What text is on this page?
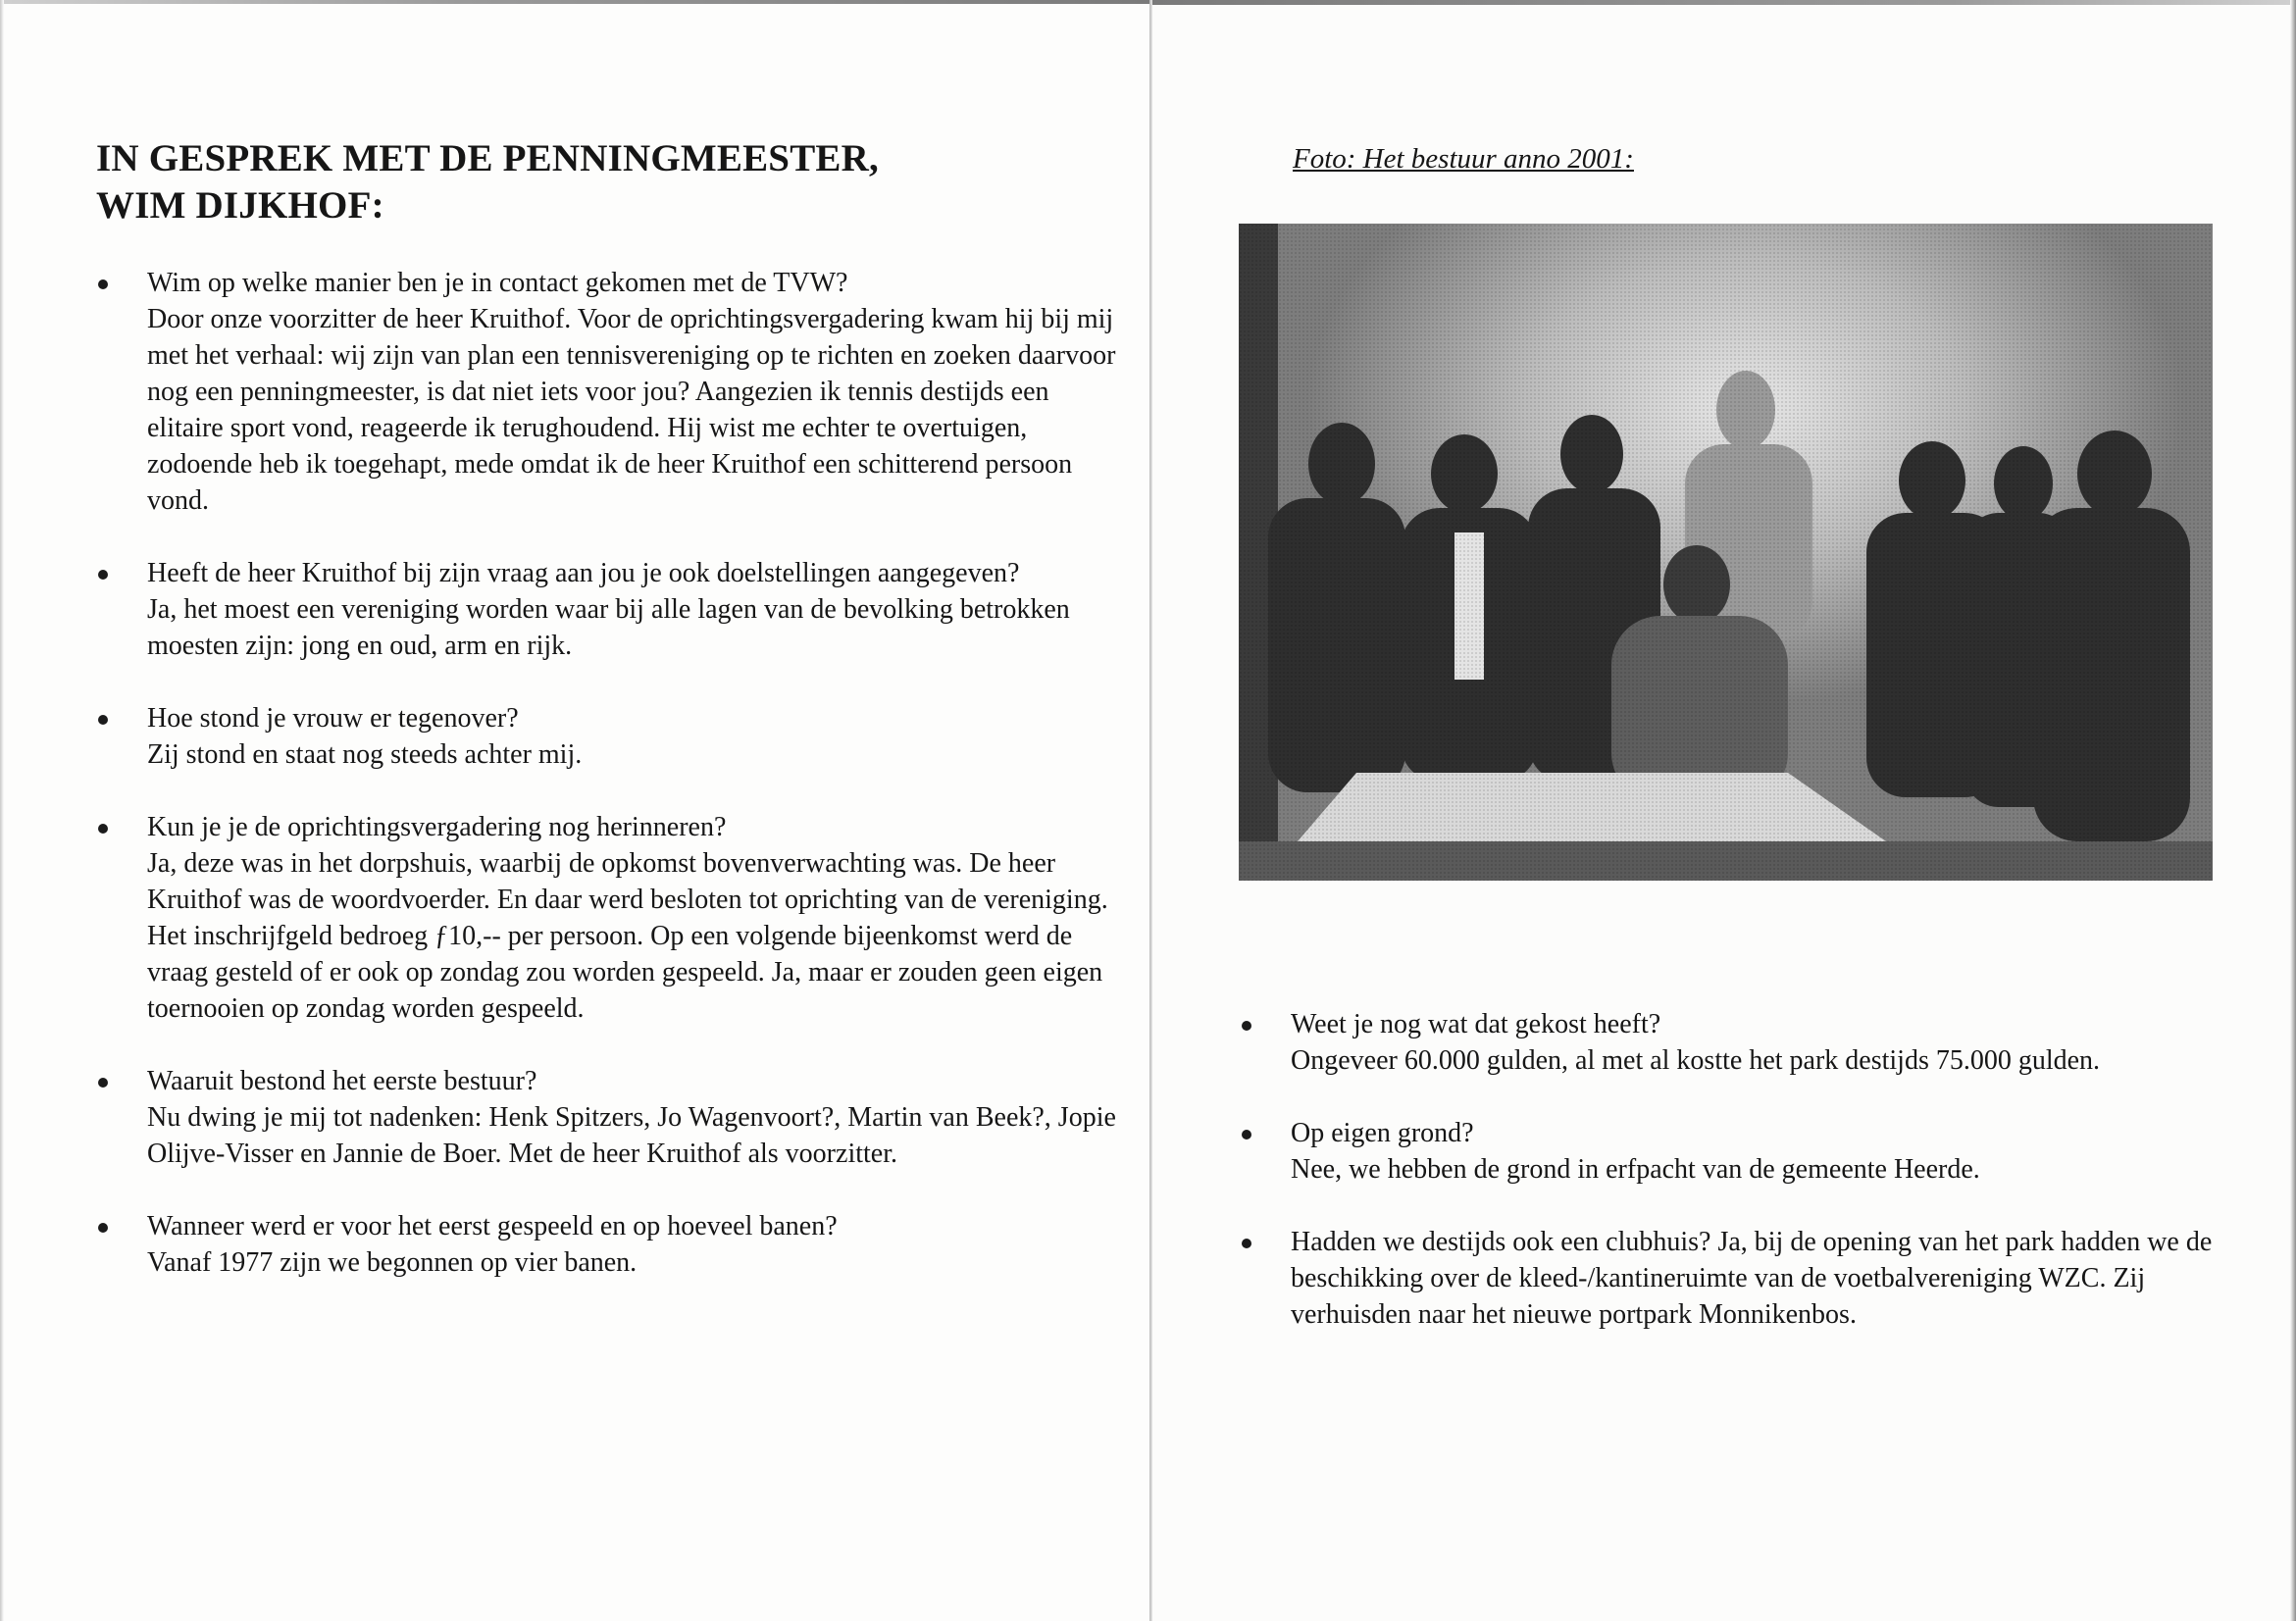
IN GESPREK MET DE PENNINGMEESTER,
WIM DIJKHOF:

Wim op welke manier ben je in contact gekomen met de TVW?

Door onze voorzitter de heer Kruithof. Voor de oprichtingsvergadering kwam hij bij mij met het verhaal: wij zijn van plan een tennisvereniging op te richten en zoeken daarvoor nog een penningmeester, is dat niet iets voor jou? Aangezien ik tennis destijds een elitaire sport vond, reageerde ik terughoudend. Hij wist me echter te overtuigen, zodoende heb ik toegehapt, mede omdat ik de heer Kruithof een schitterend persoon vond.

Heeft de heer Kruithof bij zijn vraag aan jou je ook doelstellingen aangegeven?

Ja, het moest een vereniging worden waar bij alle lagen van de bevolking betrokken moesten zijn: jong en oud, arm en rijk.

Hoe stond je vrouw er tegenover?

Zij stond en staat nog steeds achter mij.

Kun je je de oprichtingsvergadering nog herinneren?

Ja, deze was in het dorpshuis, waarbij de opkomst bovenverwachting was. De heer Kruithof was de woordvoerder. En daar werd besloten tot oprichting van de vereniging. Het inschrijfgeld bedroeg ƒ10,-- per persoon. Op een volgende bijeenkomst werd de vraag gesteld of er ook op zondag zou worden gespeeld. Ja, maar er zouden geen eigen toernooien op zondag worden gespeeld.

Waaruit bestond het eerste bestuur?

Nu dwing je mij tot nadenken: Henk Spitzers, Jo Wagenvoort?, Martin van Beek?, Jopie Olijve-Visser en Jannie de Boer. Met de heer Kruithof als voorzitter.

Wanneer werd er voor het eerst gespeeld en op hoeveel banen?

Vanaf 1977 zijn we begonnen op vier banen.

Foto: Het bestuur anno 2001:

Weet je nog wat dat gekost heeft?

Ongeveer 60.000 gulden, al met al kostte het park destijds 75.000 gulden.

Op eigen grond?

Nee, we hebben de grond in erfpacht van de gemeente Heerde.

Hadden we destijds ook een clubhuis? Ja, bij de opening van het park hadden we de beschikking over de kleed-/kantineruimte van de voetbalvereniging WZC. Zij verhuisden naar het nieuwe portpark Monnikenbos.
